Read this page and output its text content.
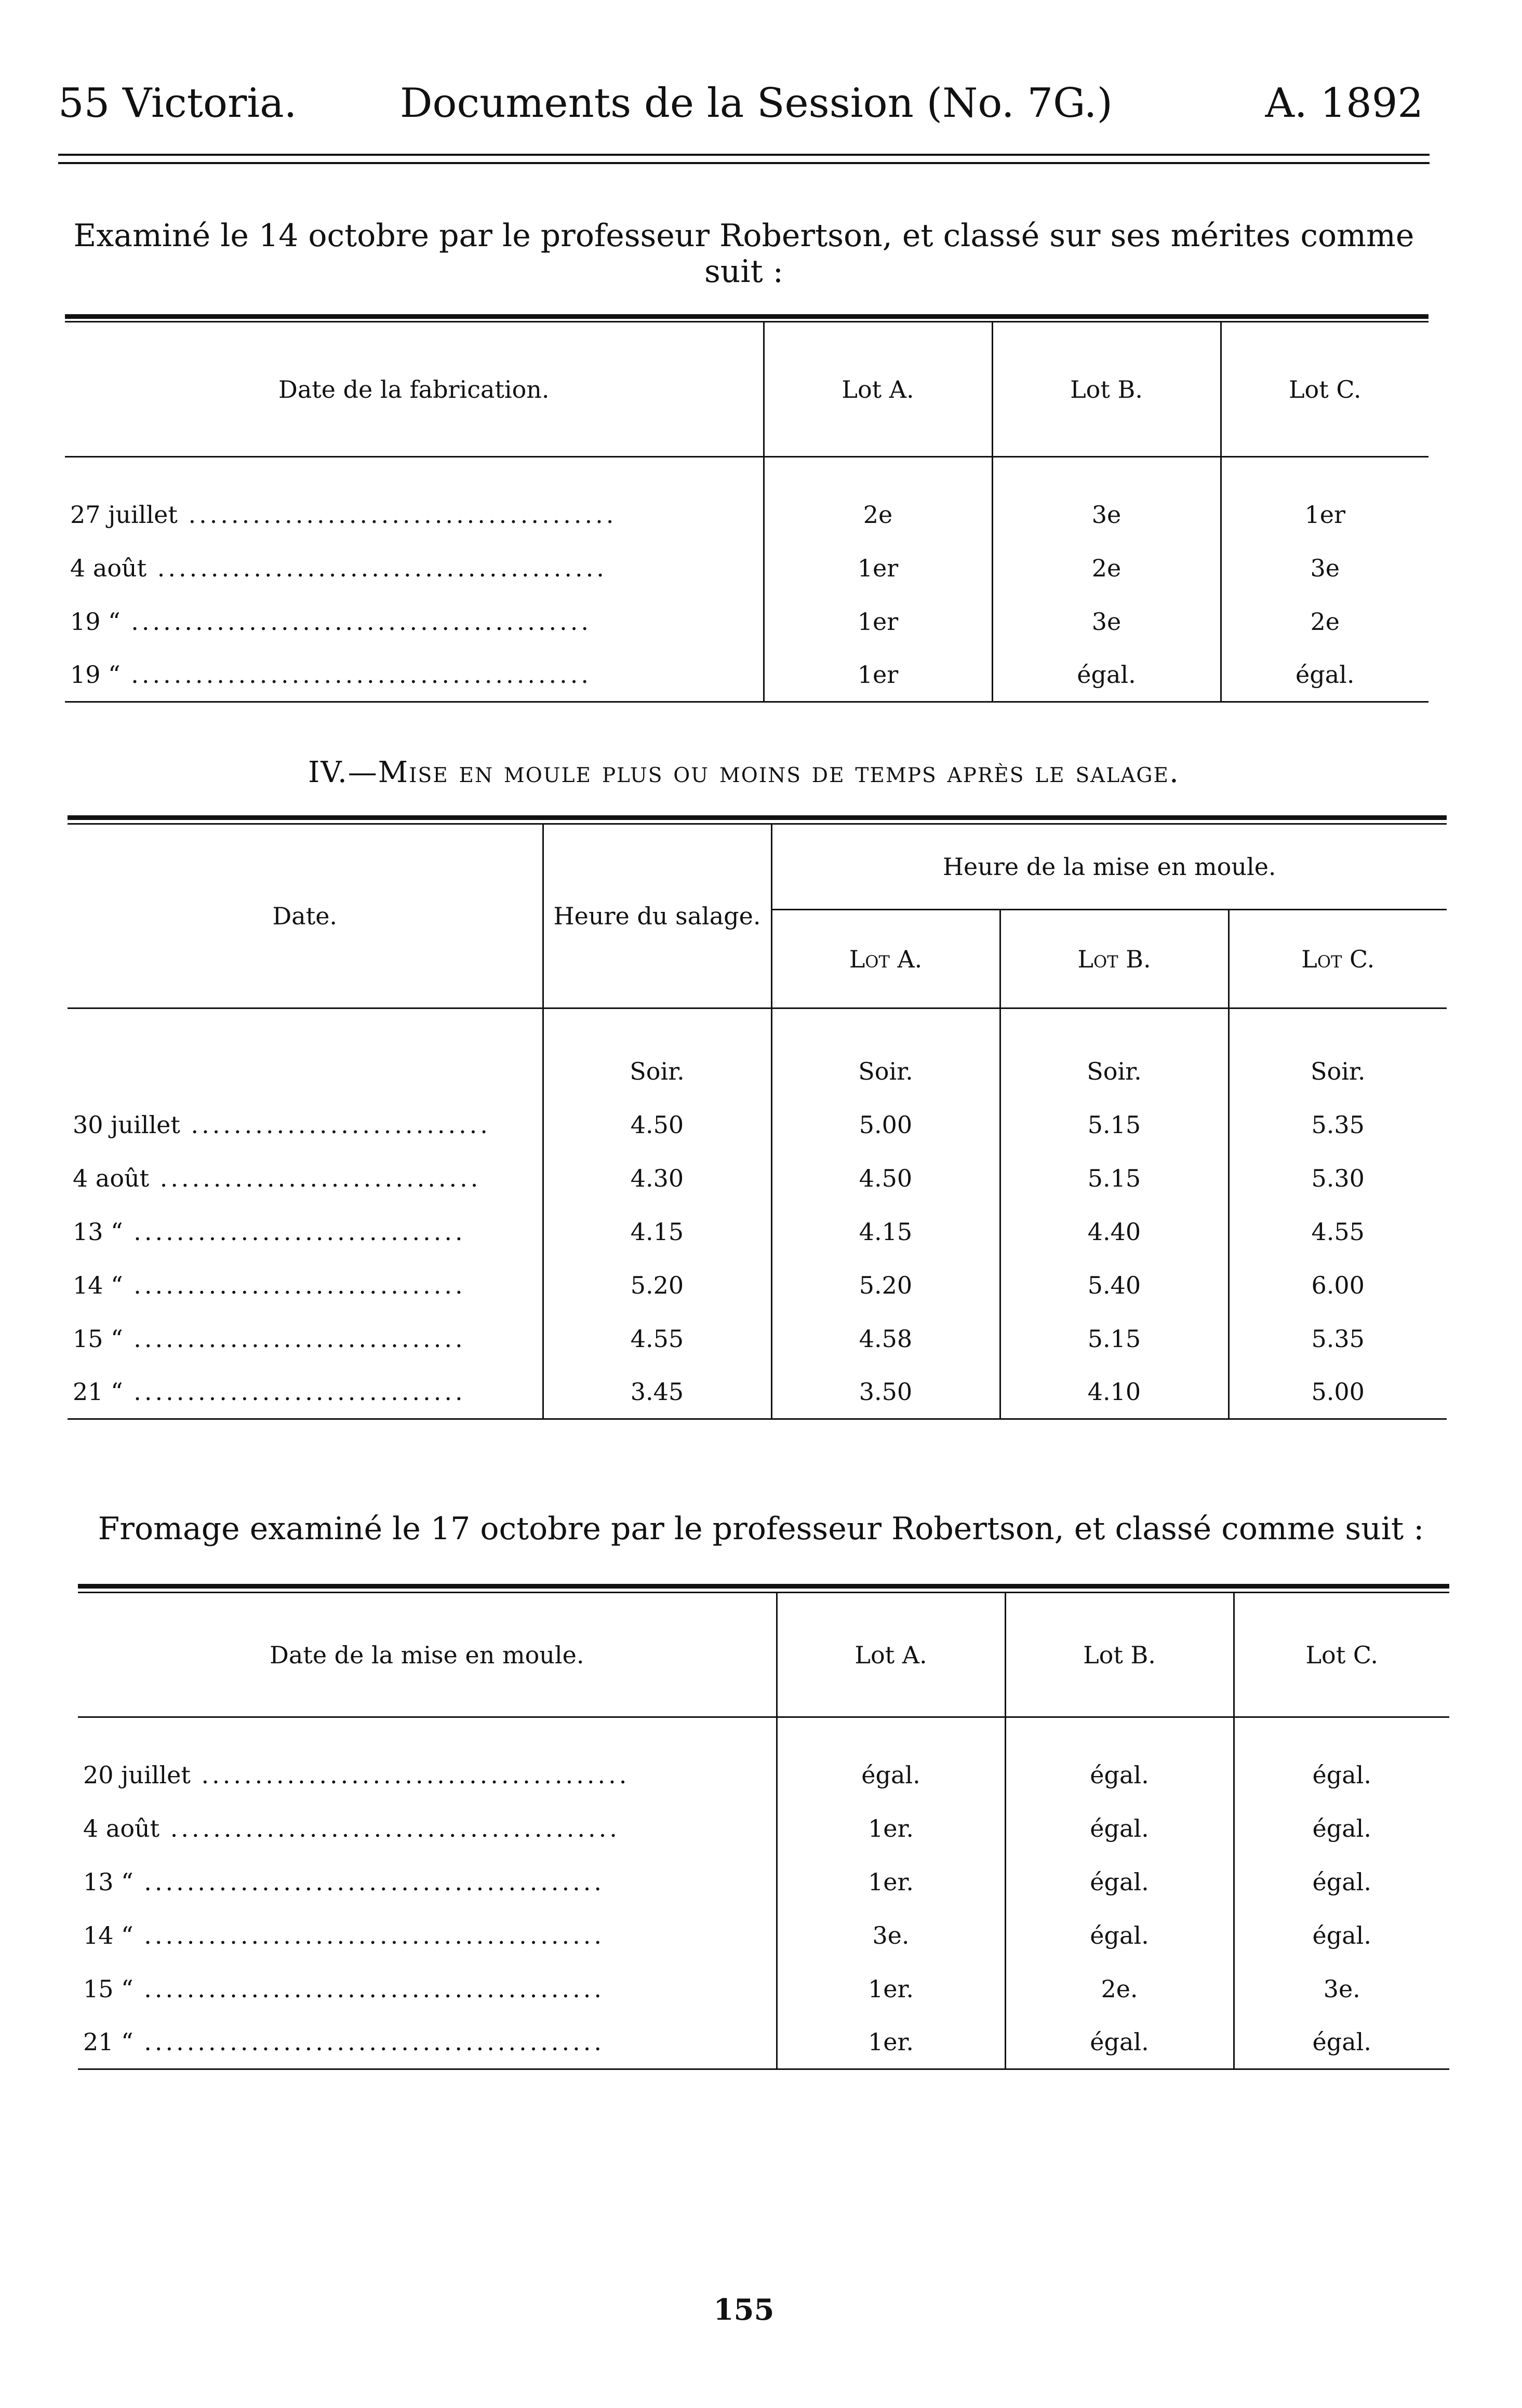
55 Victoria.	Documents de la Session (No. 7G.)	A. 1892
Examiné le 14 octobre par le professeur Robertson, et classé sur ses mérites comme suit :

Date de la fabrication.	Lot A.	Lot B.	Lot C.

27 juillet ........................................	2e	3e	1er
4 août ..........................................	1er	2e	3e
19 “ ...........................................	1er	3e	2e
19 “ ...........................................	1er	égal.	égal.

IV.—Mise en moule plus ou moins de temps après le salage.

Date.	Heure du salage.	Heure de la mise en moule.		
		Lot A.	Lot B.	Lot C.

	Soir.	Soir.	Soir.	Soir.
30 juillet ............................	4.50	5.00	5.15	5.35
4 août ..............................	4.30	4.50	5.15	5.30
13 “ ...............................	4.15	4.15	4.40	4.55
14 “ ...............................	5.20	5.20	5.40	6.00
15 “ ...............................	4.55	4.58	5.15	5.35
21 “ ...............................	3.45	3.50	4.10	5.00

Fromage examiné le 17 octobre par le professeur Robertson, et classé comme suit :

Date de la mise en moule.	Lot A.	Lot B.	Lot C.

20 juillet ........................................	égal.	égal.	égal.
4 août ..........................................	1er.	égal.	égal.
13 “ ...........................................	1er.	égal.	égal.
14 “ ...........................................	3e.	égal.	égal.
15 “ ...........................................	1er.	2e.	3e.
21 “ ...........................................	1er.	égal.	égal.

155
